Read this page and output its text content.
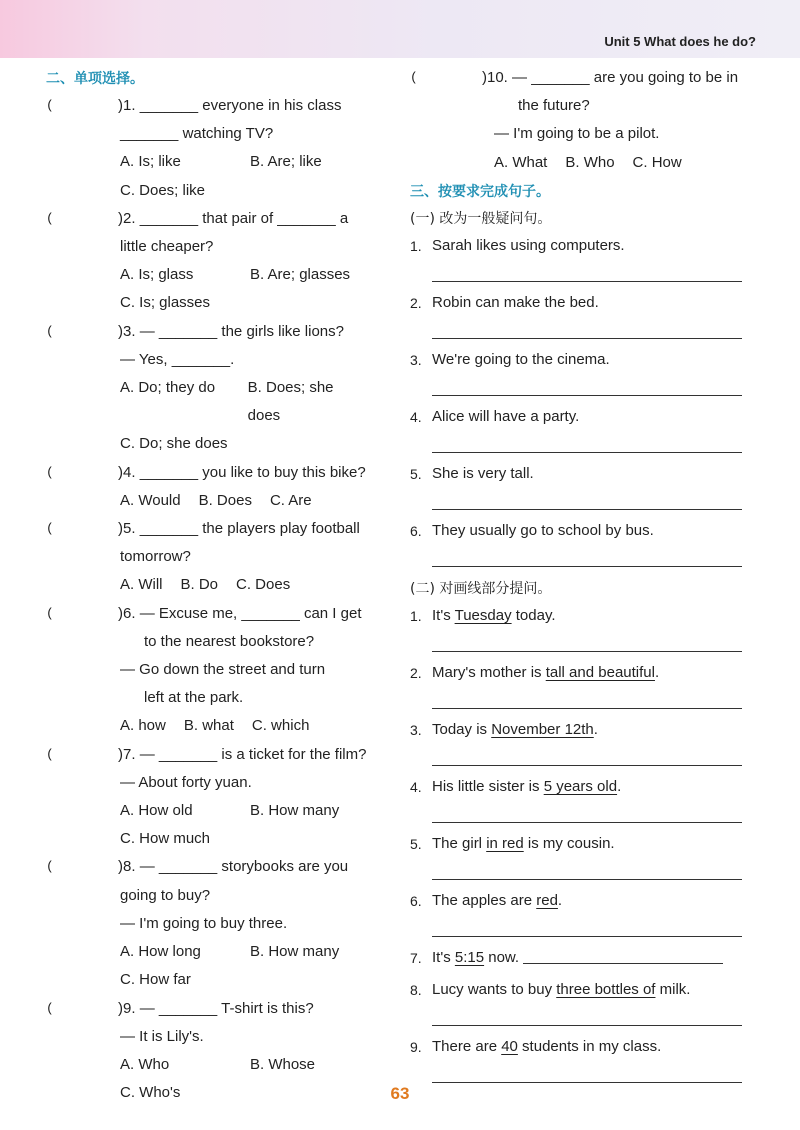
Unit 5 What does he do?
二、单项选择。
(	)1. _______ everyone in his class
_______ watching TV?
A. Is; like	B. Are; like
C. Does; like
(	)2. _______ that pair of _______ a
little cheaper?
A. Is; glass	B. Are; glasses
C. Is; glasses
(	)3. — _______ the girls like lions?
— Yes, _______.
A. Do; they do	B. Does; she does
C. Do; she does
(	)4. _______ you like to buy this bike?
A. Would B. Does C. Are
(	)5. _______ the players play football
tomorrow?
A. Will B. Do C. Does
(	)6. — Excuse me, _______ can I get
to the nearest bookstore?
— Go down the street and turn
left at the park.
A. how B. what C. which
(	)7. — _______ is a ticket for the film?
— About forty yuan.
A. How old	B. How many
C. How much
(	)8. — _______ storybooks are you
going to buy?
— I'm going to buy three.
A. How long	B. How many
C. How far
(	)9. — _______ T-shirt is this?
— It is Lily's.
A. Who	B. Whose
C. Who's
(	)10. — _______ are you going to be in
the future?
— I'm going to be a pilot.
A. What B. Who C. How
三、按要求完成句子。
(一) 改为一般疑问句。
1. Sarah likes using computers.
2. Robin can make the bed.
3. We're going to the cinema.
4. Alice will have a party.
5. She is very tall.
6. They usually go to school by bus.
(二) 对画线部分提问。
1. It's Tuesday today.
2. Mary's mother is tall and beautiful.
3. Today is November 12th.
4. His little sister is 5 years old.
5. The girl in red is my cousin.
6. The apples are red.
7. It's 5:15 now.
8. Lucy wants to buy three bottles of milk.
9. There are 40 students in my class.
63
